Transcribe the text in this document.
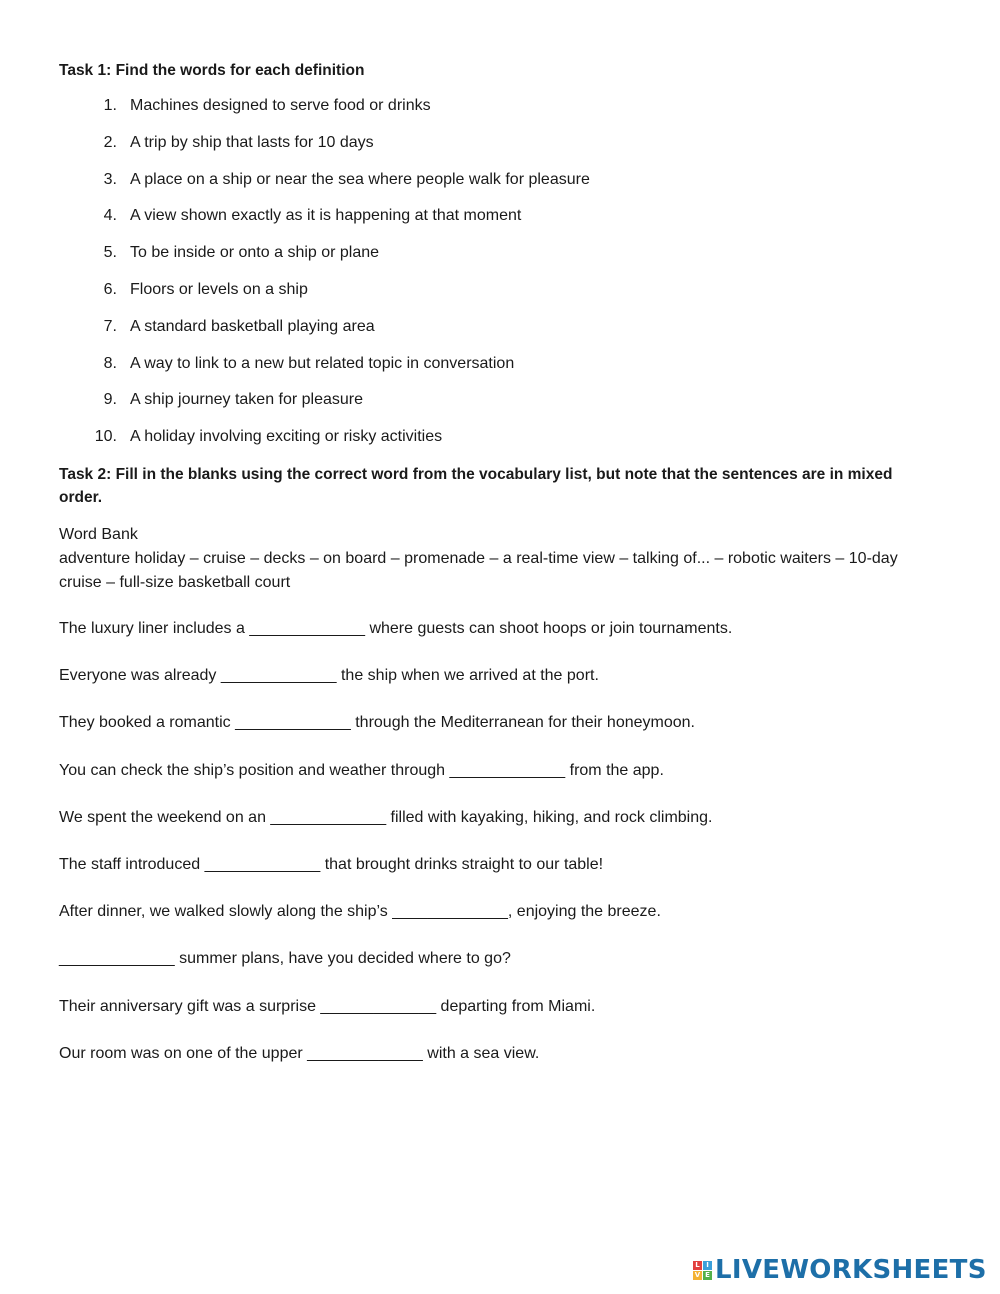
Task 1: Find the words for each definition

1. Machines designed to serve food or drinks
2. A trip by ship that lasts for 10 days
3. A place on a ship or near the sea where people walk for pleasure
4. A view shown exactly as it is happening at that moment
5. To be inside or onto a ship or plane
6. Floors or levels on a ship
7. A standard basketball playing area
8. A way to link to a new but related topic in conversation
9. A ship journey taken for pleasure
10. A holiday involving exciting or risky activities

Task 2: Fill in the blanks using the correct word from the vocabulary list, but note that the sentences are in mixed order.

Word Bank
adventure holiday – cruise – decks – on board – promenade – a real-time view – talking of... – robotic waiters – 10-day cruise – full-size basketball court
The luxury liner includes a _____________ where guests can shoot hoops or join tournaments.
Everyone was already _____________ the ship when we arrived at the port.
They booked a romantic _____________ through the Mediterranean for their honeymoon.
You can check the ship’s position and weather through _____________ from the app.
We spent the weekend on an _____________ filled with kayaking, hiking, and rock climbing.
The staff introduced _____________ that brought drinks straight to our table!
After dinner, we walked slowly along the ship’s _____________, enjoying the breeze.
_____________ summer plans, have you decided where to go?
Their anniversary gift was a surprise _____________ departing from Miami.
Our room was on one of the upper _____________ with a sea view.
L I
V E LIVEWORKSHEETS
